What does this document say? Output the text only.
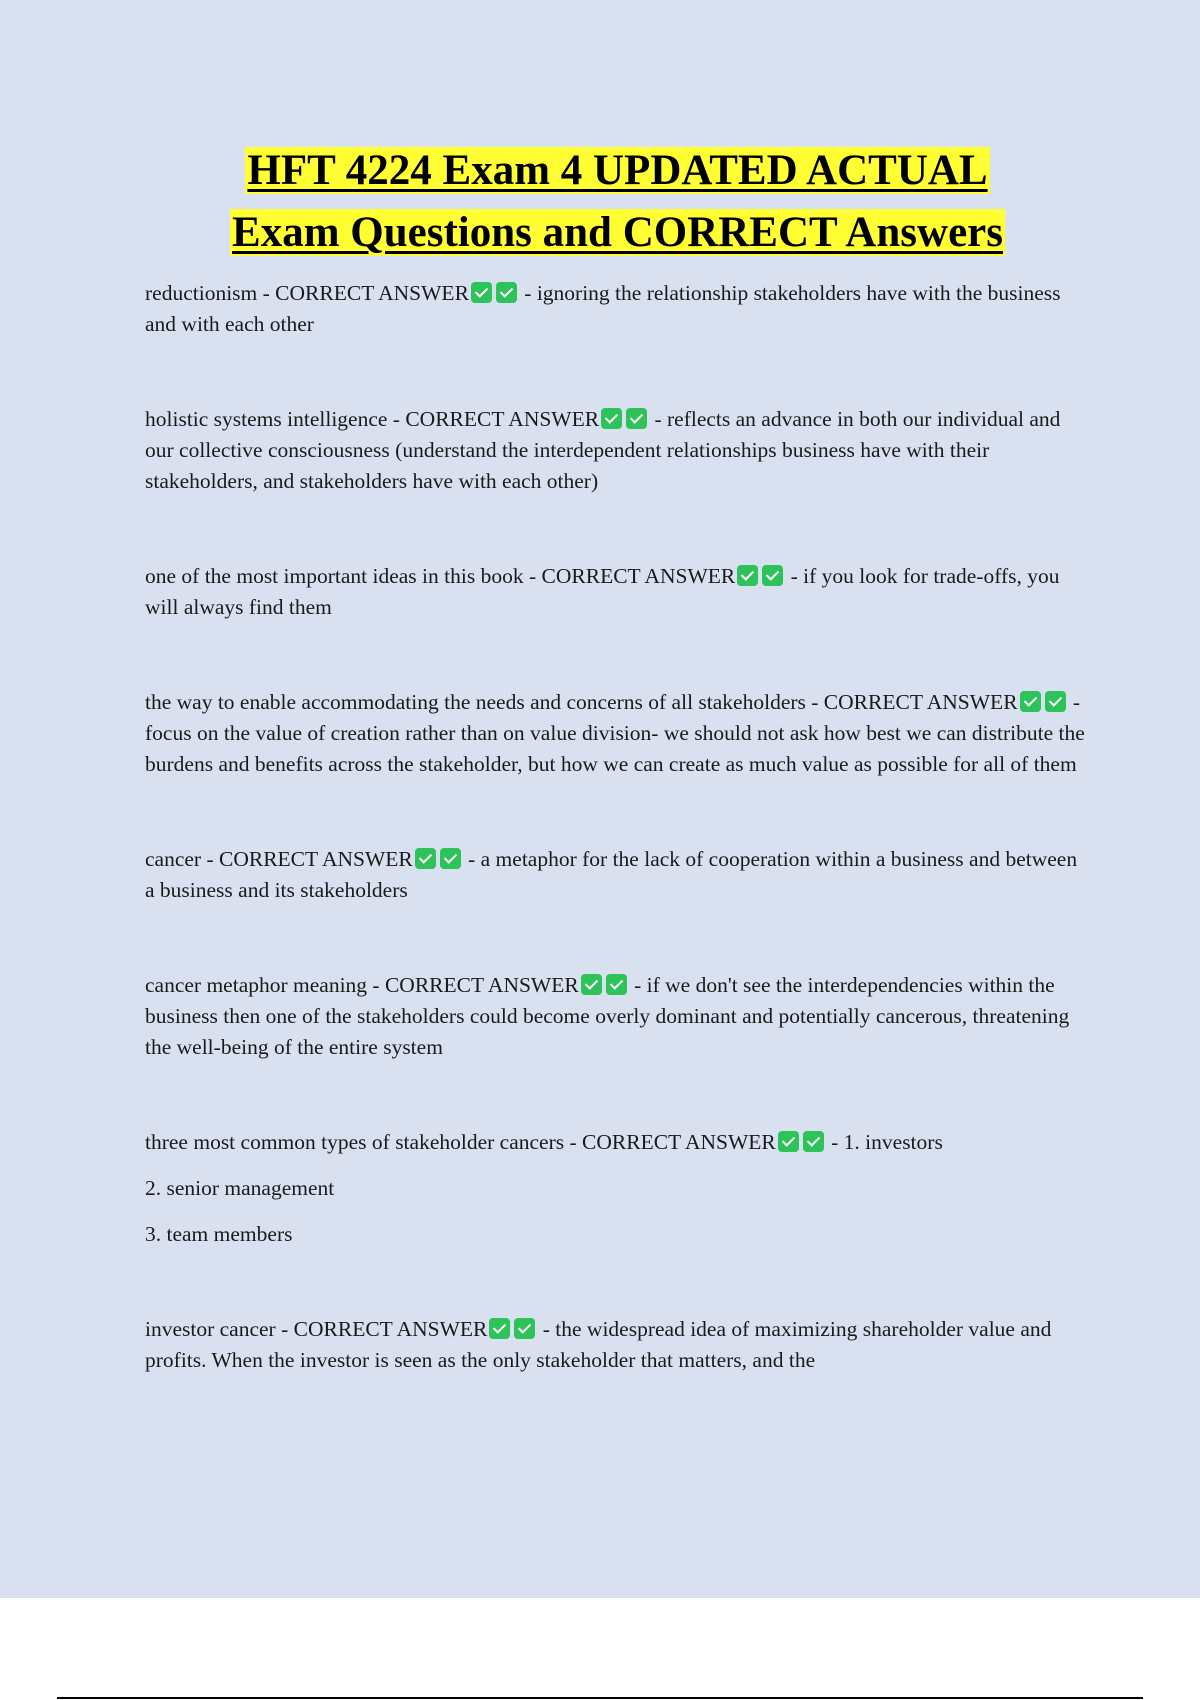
HFT 4224 Exam 4 UPDATED ACTUAL
Exam Questions and CORRECT Answers

reductionism - CORRECT ANSWER - ignoring the relationship stakeholders have with the business and with each other

holistic systems intelligence - CORRECT ANSWER - reflects an advance in both our individual and our collective consciousness (understand the interdependent relationships business have with their stakeholders, and stakeholders have with each other)

one of the most important ideas in this book - CORRECT ANSWER - if you look for trade-offs, you will always find them

the way to enable accommodating the needs and concerns of all stakeholders - CORRECT ANSWER - focus on the value of creation rather than on value division- we should not ask how best we can distribute the burdens and benefits across the stakeholder, but how we can create as much value as possible for all of them

cancer - CORRECT ANSWER - a metaphor for the lack of cooperation within a business and between a business and its stakeholders

cancer metaphor meaning - CORRECT ANSWER - if we don't see the interdependencies within the business then one of the stakeholders could become overly dominant and potentially cancerous, threatening the well-being of the entire system

three most common types of stakeholder cancers - CORRECT ANSWER - 1. investors

2. senior management

3. team members

investor cancer - CORRECT ANSWER - the widespread idea of maximizing shareholder value and profits. When the investor is seen as the only stakeholder that matters, and the
